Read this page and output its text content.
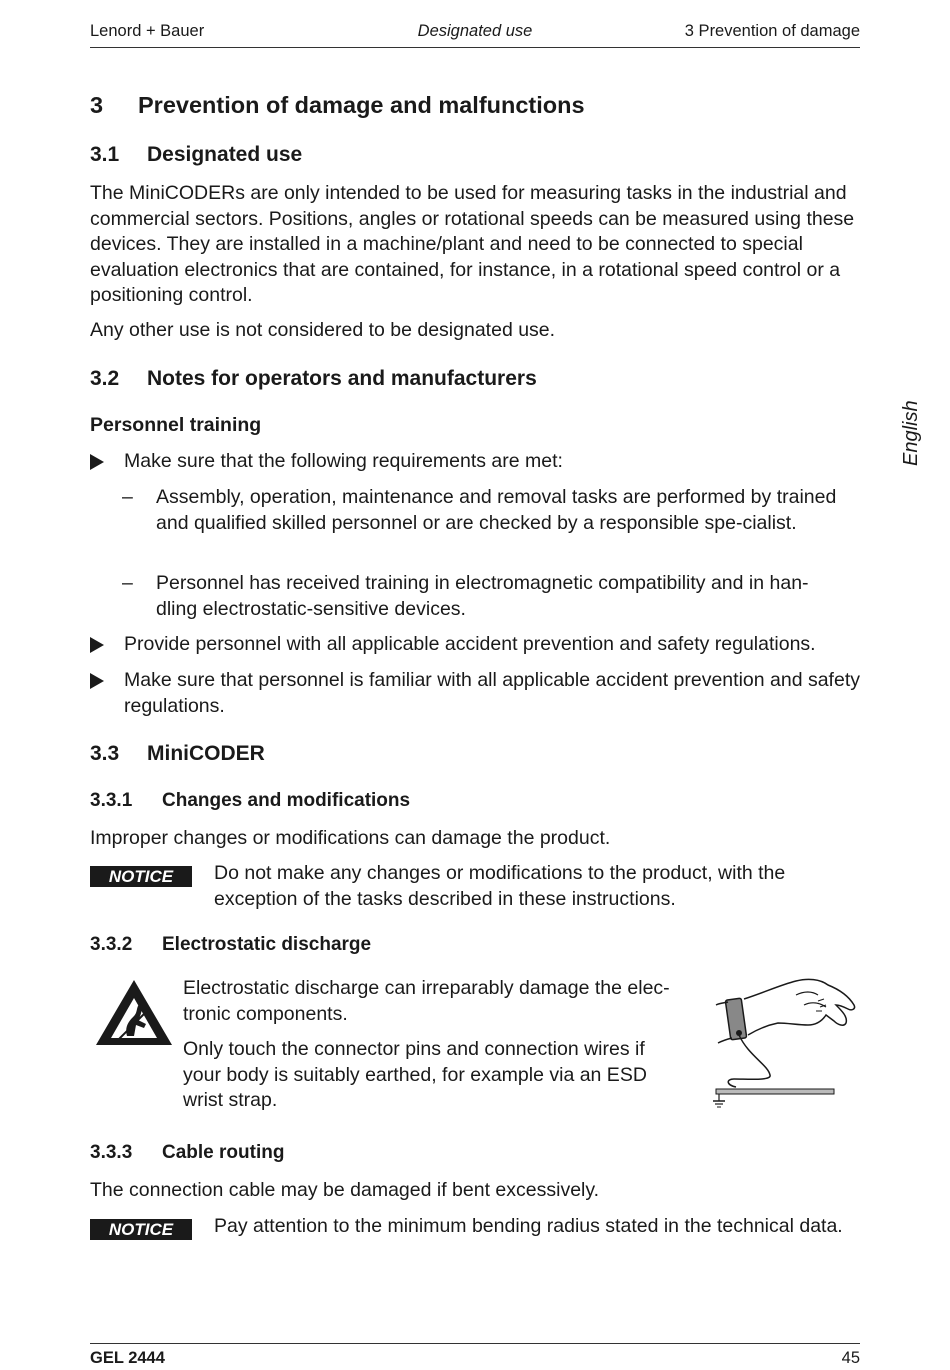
Lenord + Bauer	Designated use	3 Prevention of damage
English
3 Prevention of damage and malfunctions
3.1 Designated use
The MiniCODERs are only intended to be used for measuring tasks in the industrial and commercial sectors. Positions, angles or rotational speeds can be measured using these devices. They are installed in a machine/plant and need to be connected to special evaluation electronics that are contained, for instance, in a rotational speed control or a positioning control.
Any other use is not considered to be designated use.
3.2 Notes for operators and manufacturers
Personnel training
Make sure that the following requirements are met:
– Assembly, operation, maintenance and removal tasks are performed by trained and qualified skilled personnel or are checked by a responsible spe-cialist.
– Personnel has received training in electromagnetic compatibility and in han-dling electrostatic-sensitive devices.
Provide personnel with all applicable accident prevention and safety regulations.
Make sure that personnel is familiar with all applicable accident prevention and safety regulations.
3.3 MiniCODER
3.3.1 Changes and modifications
Improper changes or modifications can damage the product.
NOTICE	Do not make any changes or modifications to the product, with the exception of the tasks described in these instructions.
3.3.2 Electrostatic discharge
Electrostatic discharge can irreparably damage the elec-tronic components.
Only touch the connector pins and connection wires if your body is suitably earthed, for example via an ESD wrist strap.
3.3.3 Cable routing
The connection cable may be damaged if bent excessively.
NOTICE	Pay attention to the minimum bending radius stated in the technical data.
GEL 2444	45
